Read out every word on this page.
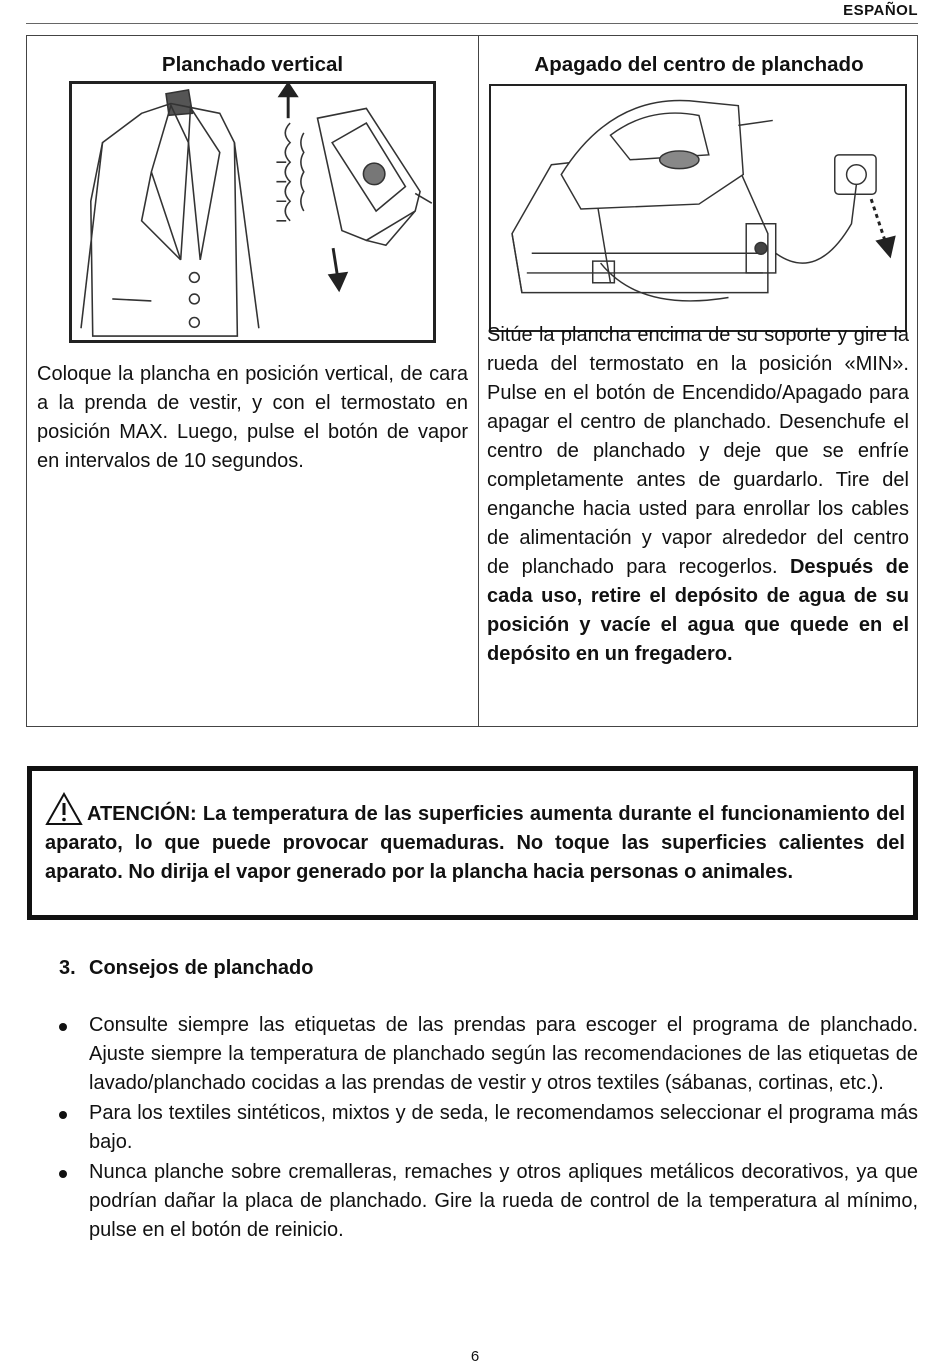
ESPAÑOL
Planchado vertical	Apagado del centro de planchado
Coloque la plancha en posición vertical, de cara a la prenda de vestir, y con el termostato en posición MAX. Luego, pulse el botón de vapor en intervalos de 10 segundos.
Sitúe la plancha encima de su soporte y gire la rueda del termostato en la posición «MIN». Pulse en el botón de Encendido/Apagado para apagar el centro de planchado. Desenchufe el centro de planchado y deje que se enfríe completamente antes de guardarlo. Tire del enganche hacia usted para enrollar los cables de alimentación y vapor alrededor del centro de planchado para recogerlos. Después de cada uso, retire el depósito de agua de su posición y vacíe el agua que quede en el depósito en un fregadero.
ATENCIÓN: La temperatura de las superficies aumenta durante el funcionamiento del aparato, lo que puede provocar quemaduras. No toque las superficies calientes del aparato. No dirija el vapor generado por la plancha hacia personas o animales.
3. Consejos de planchado
Consulte siempre las etiquetas de las prendas para escoger el programa de planchado. Ajuste siempre la temperatura de planchado según las recomendaciones de las etiquetas de lavado/planchado cocidas a las prendas de vestir y otros textiles (sábanas, cortinas, etc.).
Para los textiles sintéticos, mixtos y de seda, le recomendamos seleccionar el programa más bajo.
Nunca planche sobre cremalleras, remaches y otros apliques metálicos decorativos, ya que podrían dañar la placa de planchado. Gire la rueda de control de la temperatura al mínimo, pulse en el botón de reinicio.
6
